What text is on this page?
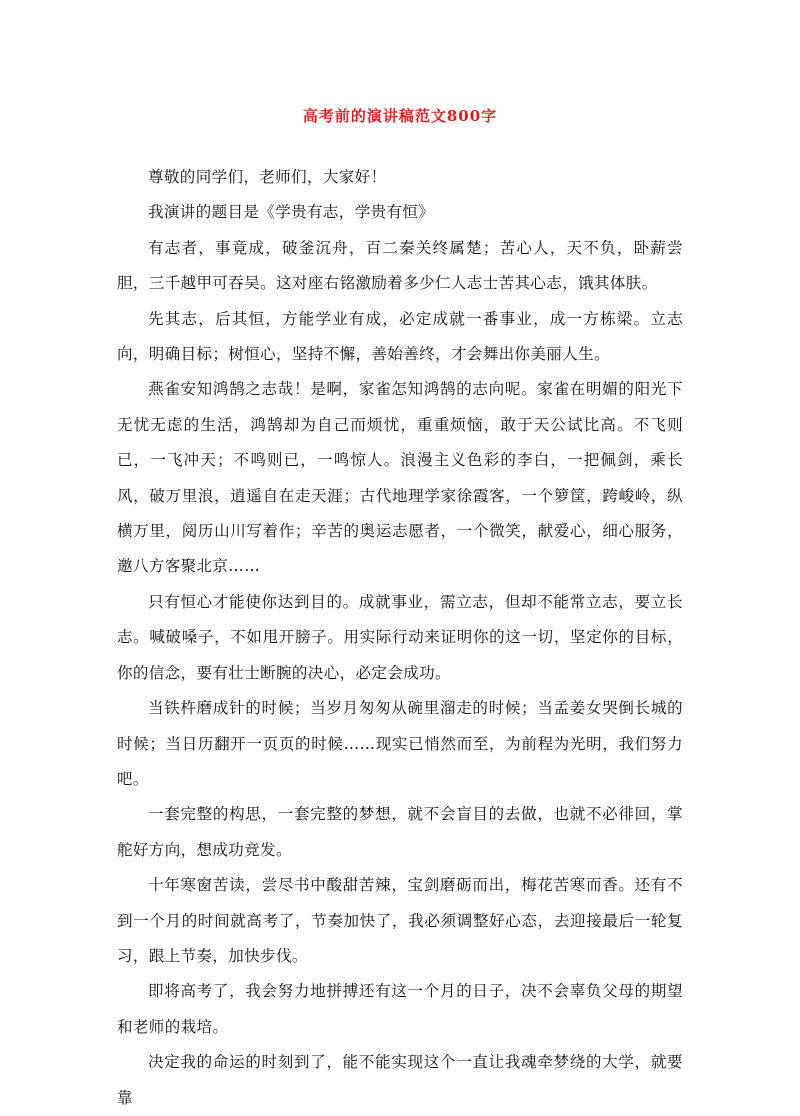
高考前的演讲稿范文800字

尊敬的同学们，老师们，大家好！

我演讲的题目是《学贵有志，学贵有恒》

有志者，事竟成，破釜沉舟，百二秦关终属楚；苦心人，天不负，卧薪尝胆，三千越甲可吞吴。这对座右铭激励着多少仁人志士苦其心志，饿其体肤。

先其志，后其恒，方能学业有成，必定成就一番事业，成一方栋梁。立志向，明确目标；树恒心，坚持不懈，善始善终，才会舞出你美丽人生。

燕雀安知鸿鹄之志哉！是啊，家雀怎知鸿鹄的志向呢。家雀在明媚的阳光下无忧无虑的生活，鸿鹄却为自己而烦忧，重重烦恼，敢于天公试比高。不飞则已，一飞冲天；不鸣则已，一鸣惊人。浪漫主义色彩的李白，一把佩剑，乘长风，破万里浪，逍遥自在走天涯；古代地理学家徐霞客，一个箩筐，跨峻岭，纵横万里，阅历山川写着作；辛苦的奥运志愿者，一个微笑，献爱心，细心服务，邀八方客聚北京……

只有恒心才能使你达到目的。成就事业，需立志，但却不能常立志，要立长志。喊破嗓子，不如甩开膀子。用实际行动来证明你的这一切，坚定你的目标，你的信念，要有壮士断腕的决心，必定会成功。

当铁杵磨成针的时候；当岁月匆匆从碗里溜走的时候；当孟姜女哭倒长城的时候；当日历翻开一页页的时候……现实已悄然而至，为前程为光明，我们努力吧。

一套完整的构思，一套完整的梦想，就不会盲目的去做，也就不必徘回，掌舵好方向，想成功竞发。

十年寒窗苦读，尝尽书中酸甜苦辣，宝剑磨砺而出，梅花苦寒而香。还有不到一个月的时间就高考了，节奏加快了，我必须调整好心态，去迎接最后一轮复习，跟上节奏，加快步伐。

即将高考了，我会努力地拼搏还有这一个月的日子，决不会辜负父母的期望和老师的栽培。

决定我的命运的时刻到了，能不能实现这个一直让我魂牵梦绕的大学，就要靠
